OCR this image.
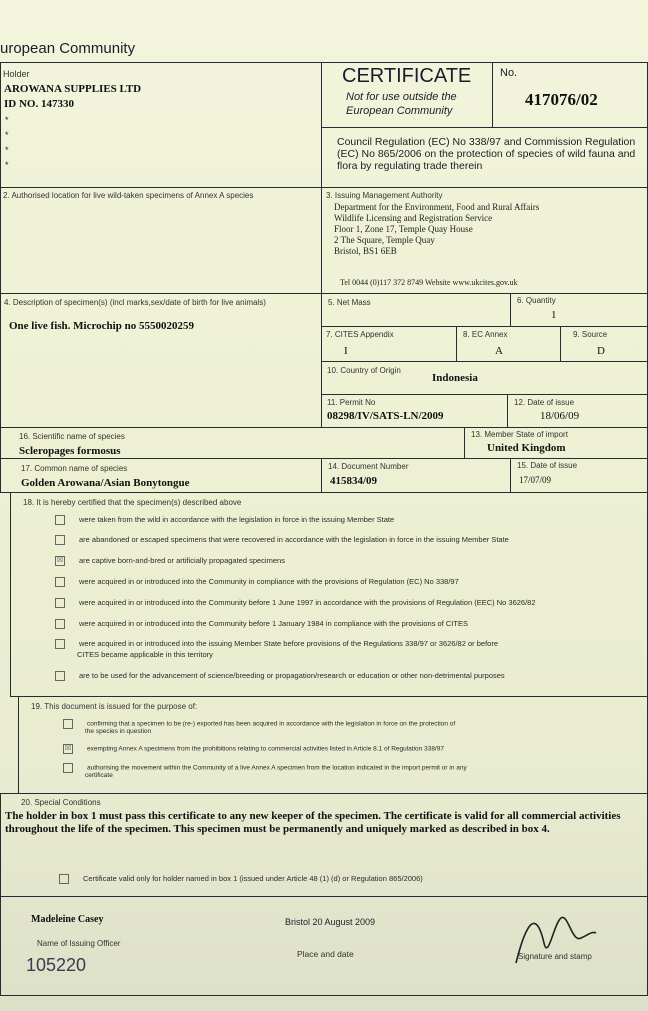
uropean Community
Holder
AROWANA SUPPLIES LTD
ID NO. 147330
*
*
*
*
CERTIFICATE
Not for use outside the European Community
No.
417076/02
Council Regulation (EC) No 338/97 and Commission Regulation (EC) No 865/2006 on the protection of species of wild fauna and flora by regulating trade therein
2. Authorised location for live wild-taken specimens of Annex A species	3. Issuing Management Authority
Department for the Environment, Food and Rural Affairs
Wildlife Licensing and Registration Service
Floor 1, Zone 17, Temple Quay House
2 The Square, Temple Quay
Bristol, BS1 6EB
Tel 0044 (0)117 372 8749 Website www.ukcites.gov.uk
4. Description of specimen(s) (incl marks,sex/date of birth for live animals)
One live fish. Microchip no 5550020259
5. Net Mass	6. Quantity
1
7. CITES Appendix
I
8. EC Annex
A
9. Source
D
10. Country of Origin
Indonesia
11. Permit No
08298/IV/SATS-LN/2009
12. Date of issue
18/06/09
16. Scientific name of species
Scleropages formosus
13. Member State of import
United Kingdom
17. Common name of species
Golden Arowana/Asian Bonytongue
14. Document Number
415834/09
15. Date of issue
17/07/09
18. It is hereby certified that the specimen(s) described above
were taken from the wild in accordance with the legislation in force in the issuing Member State
are abandoned or escaped specimens that were recovered in accordance with the legislation in force in the issuing Member State
☒ are captive born-and-bred or artificially propagated specimens
were acquired in or introduced into the Community in compliance with the provisions of Regulation (EC) No 338/97
were acquired in or introduced into the Community before 1 June 1997 in accordance with the provisions of Regulation (EEC) No 3626/82
were acquired in or introduced into the Community before 1 January 1984 in compliance with the provisions of CITES
were acquired in or introduced into the issuing Member State before provisions of the Regulations 338/97 or 3626/82 or before
CITES became applicable in this territory
are to be used for the advancement of science/breeding or propagation/research or education or other non-detrimental purposes
19. This document is issued for the purpose of:
confirming that a specimen to be (re-) exported has been acquired in accordance with the legislation in force on the protection of
the species in question
☒ exempting Annex A specimens from the prohibitions relating to commercial activities listed in Article 8.1 of Regulation 338/97
authorising the movement within the Community of a live Annex A specimen from the location indicated in the import permit or in any
certificate
20. Special Conditions
The holder in box 1 must pass this certificate to any new keeper of the specimen. The certificate is valid for all commercial activities throughout the life of the specimen. This specimen must be permanently and uniquely marked as described in box 4.
Certificate valid only for holder named in box 1 (issued under Article 48 (1) (d) or Regulation 865/2006)
Madeleine Casey
Name of Issuing Officer
105220
Bristol 20 August 2009
Place and date	Signature and stamp
